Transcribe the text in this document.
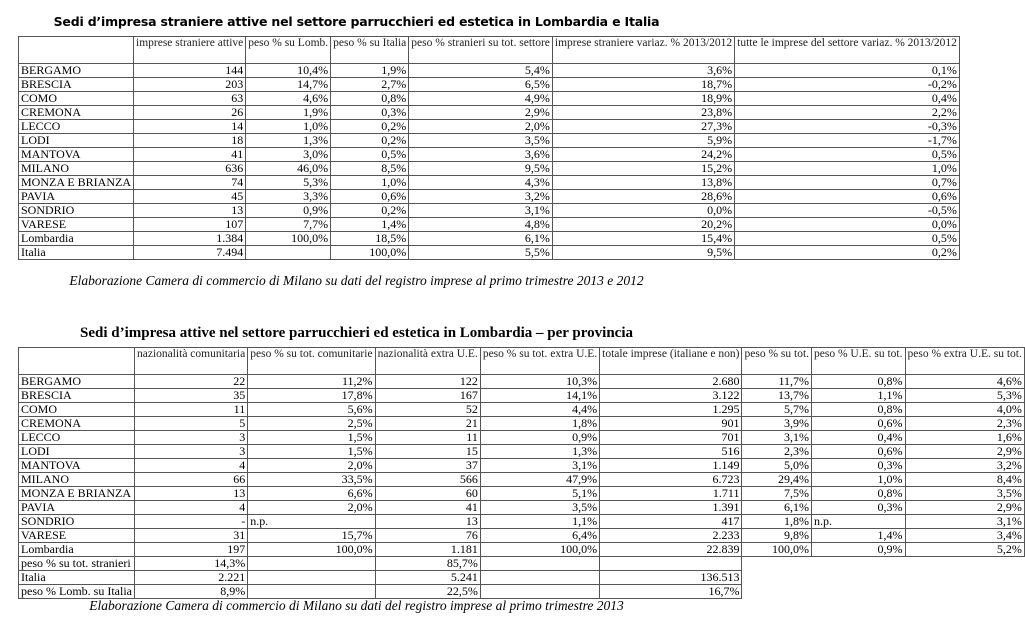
Sedi d’impresa straniere attive nel settore parrucchieri ed estetica in Lombardia e Italia
	imprese straniere attive	peso % su Lomb.	peso % su Italia	peso % stranieri su tot. settore	imprese straniere variaz. % 2013/2012	tutte le imprese del settore variaz. % 2013/2012
BERGAMO	144	10,4%	1,9%	5,4%	3,6%	0,1%
BRESCIA	203	14,7%	2,7%	6,5%	18,7%	-0,2%
COMO	63	4,6%	0,8%	4,9%	18,9%	0,4%
CREMONA	26	1,9%	0,3%	2,9%	23,8%	2,2%
LECCO	14	1,0%	0,2%	2,0%	27,3%	-0,3%
LODI	18	1,3%	0,2%	3,5%	5,9%	-1,7%
MANTOVA	41	3,0%	0,5%	3,6%	24,2%	0,5%
MILANO	636	46,0%	8,5%	9,5%	15,2%	1,0%
MONZA E BRIANZA	74	5,3%	1,0%	4,3%	13,8%	0,7%
PAVIA	45	3,3%	0,6%	3,2%	28,6%	0,6%
SONDRIO	13	0,9%	0,2%	3,1%	0,0%	-0,5%
VARESE	107	7,7%	1,4%	4,8%	20,2%	0,0%
Lombardia	1.384	100,0%	18,5%	6,1%	15,4%	0,5%
Italia	7.494		100,0%	5,5%	9,5%	0,2%
Elaborazione Camera di commercio di Milano su dati del registro imprese al primo trimestre 2013 e 2012
Sedi d’impresa attive nel settore parrucchieri ed estetica in Lombardia – per provincia
	nazionalità comunitaria	peso % su tot. comunitarie	nazionalità extra U.E.	peso % su tot. extra U.E.	totale imprese (italiane e non)	peso % su tot.	peso % U.E. su tot.	peso % extra U.E. su tot.
BERGAMO	22	11,2%	122	10,3%	2.680	11,7%	0,8%	4,6%
BRESCIA	35	17,8%	167	14,1%	3.122	13,7%	1,1%	5,3%
COMO	11	5,6%	52	4,4%	1.295	5,7%	0,8%	4,0%
CREMONA	5	2,5%	21	1,8%	901	3,9%	0,6%	2,3%
LECCO	3	1,5%	11	0,9%	701	3,1%	0,4%	1,6%
LODI	3	1,5%	15	1,3%	516	2,3%	0,6%	2,9%
MANTOVA	4	2,0%	37	3,1%	1.149	5,0%	0,3%	3,2%
MILANO	66	33,5%	566	47,9%	6.723	29,4%	1,0%	8,4%
MONZA E BRIANZA	13	6,6%	60	5,1%	1.711	7,5%	0,8%	3,5%
PAVIA	4	2,0%	41	3,5%	1.391	6,1%	0,3%	2,9%
SONDRIO	-	n.p.	13	1,1%	417	1,8%	n.p.	3,1%
VARESE	31	15,7%	76	6,4%	2.233	9,8%	1,4%	3,4%
Lombardia	197	100,0%	1.181	100,0%	22.839	100,0%	0,9%	5,2%
peso % su tot. stranieri	14,3%		85,7%					
Italia	2.221		5.241		136.513			
peso % Lomb. su Italia	8,9%		22,5%		16,7%			
Elaborazione Camera di commercio di Milano su dati del registro imprese al primo trimestre 2013
